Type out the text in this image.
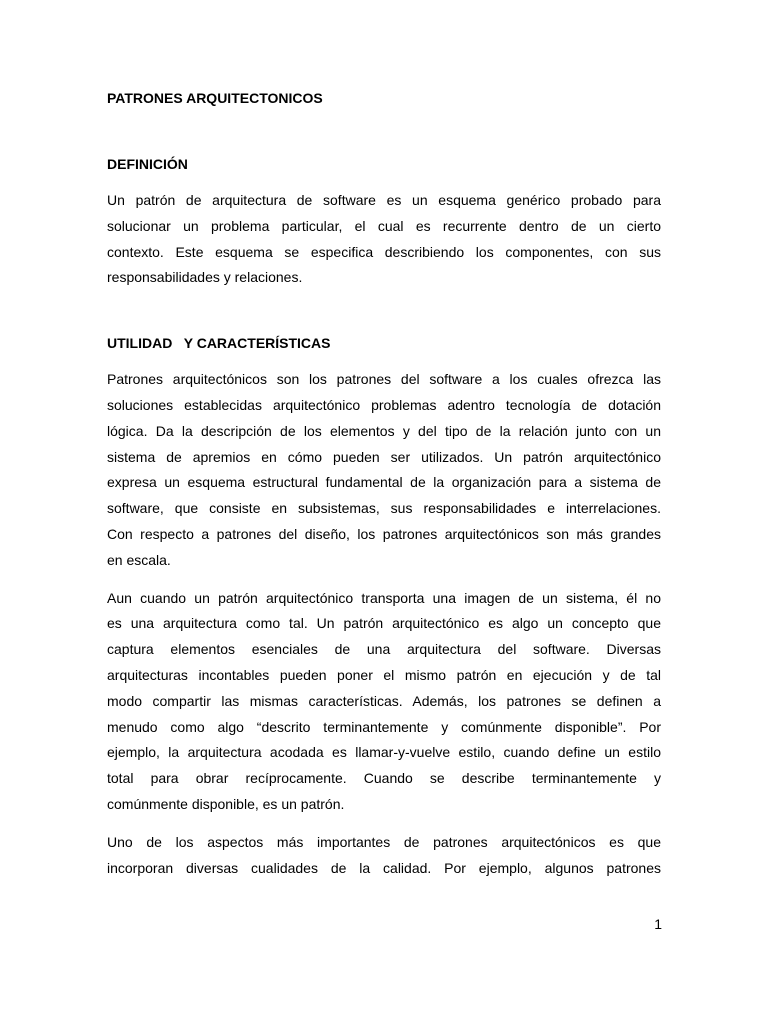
PATRONES ARQUITECTONICOS
DEFINICIÓN

Un patrón de arquitectura de software es un esquema genérico probado para
solucionar un problema particular, el cual es recurrente dentro de un cierto
contexto. Este esquema se especifica describiendo los componentes, con sus
responsabilidades y relaciones.

UTILIDAD   Y CARACTERÍSTICAS

Patrones arquitectónicos son los patrones del software a los cuales ofrezca las
soluciones establecidas arquitectónico problemas adentro tecnología de dotación
lógica. Da la descripción de los elementos y del tipo de la relación junto con un
sistema de apremios en cómo pueden ser utilizados. Un patrón arquitectónico
expresa un esquema estructural fundamental de la organización para a sistema de
software, que consiste en subsistemas, sus responsabilidades e interrelaciones.
Con respecto a patrones del diseño, los patrones arquitectónicos son más grandes
en escala.

Aun cuando un patrón arquitectónico transporta una imagen de un sistema, él no
es una arquitectura como tal. Un patrón arquitectónico es algo un concepto que
captura elementos esenciales de una arquitectura del software. Diversas
arquitecturas incontables pueden poner el mismo patrón en ejecución y de tal
modo compartir las mismas características. Además, los patrones se definen a
menudo como algo “descrito terminantemente y comúnmente disponible”. Por
ejemplo, la arquitectura acodada es llamar-y-vuelve estilo, cuando define un estilo
total para obrar recíprocamente. Cuando se describe terminantemente y
comúnmente disponible, es un patrón.

Uno de los aspectos más importantes de patrones arquitectónicos es que
incorporan diversas cualidades de la calidad. Por ejemplo, algunos patrones

1
